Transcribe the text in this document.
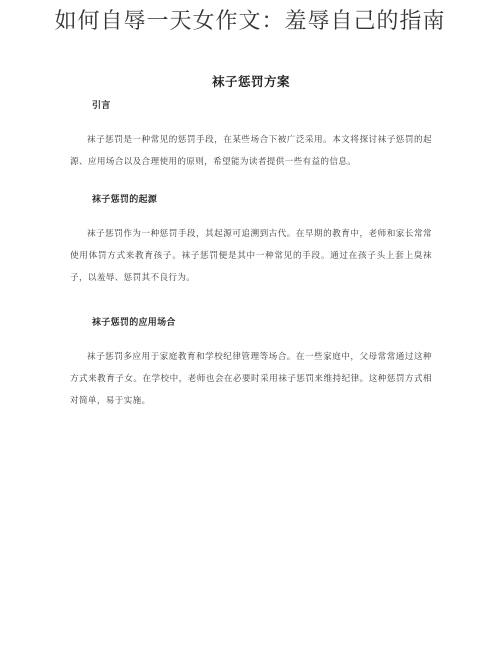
如何自辱一天女作文：羞辱自己的指南
袜子惩罚方案
引言

袜子惩罚是一种常见的惩罚手段，在某些场合下被广泛采用。本文将探讨袜子惩罚的起源、应用场合以及合理使用的原则，希望能为读者提供一些有益的信息。

袜子惩罚的起源

袜子惩罚作为一种惩罚手段，其起源可追溯到古代。在早期的教育中，老师和家长常常使用体罚方式来教育孩子。袜子惩罚便是其中一种常见的手段。通过在孩子头上套上臭袜子，以羞辱、惩罚其不良行为。

袜子惩罚的应用场合

袜子惩罚多应用于家庭教育和学校纪律管理等场合。在一些家庭中，父母常常通过这种方式来教育子女。在学校中，老师也会在必要时采用袜子惩罚来维持纪律。这种惩罚方式相对简单，易于实施。
